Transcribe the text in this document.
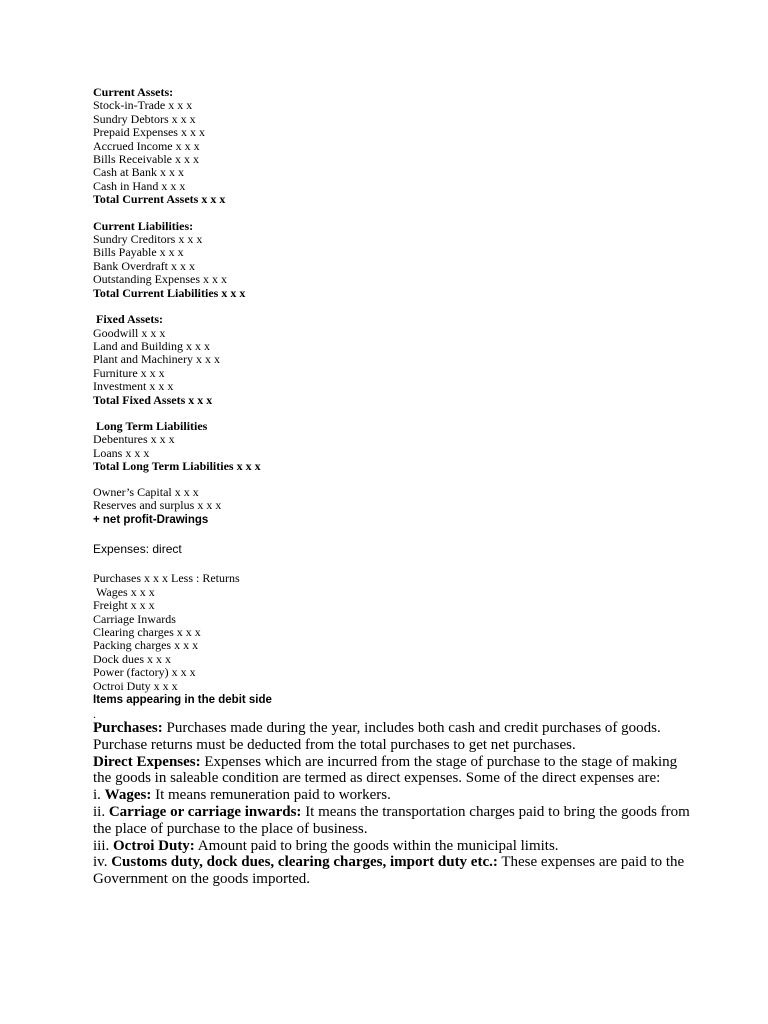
Current Assets:
Stock-in-Trade x x x
Sundry Debtors x x x
Prepaid Expenses x x x
Accrued Income x x x
Bills Receivable x x x
Cash at Bank x x x
Cash in Hand x x x
Total Current Assets x x x
Current Liabilities:
Sundry Creditors x x x
Bills Payable x x x
Bank Overdraft x x x
Outstanding Expenses x x x
Total Current Liabilities x x x
Fixed Assets:
Goodwill x x x
Land and Building x x x
Plant and Machinery x x x
Furniture x x x
Investment x x x
Total Fixed Assets x x x
Long Term Liabilities
Debentures x x x
Loans x x x
Total Long Term Liabilities x x x
Owner’s Capital x x x
Reserves and surplus x x x
+ net profit-Drawings
Expenses: direct
Purchases x x x Less : Returns
Wages x x x
Freight x x x
Carriage Inwards
Clearing charges x x x
Packing charges x x x
Dock dues x x x
Power (factory) x x x
Octroi Duty x x x
Items appearing in the debit side
.

Purchases: Purchases made during the year, includes both cash and credit purchases of goods. Purchase returns must be deducted from the total purchases to get net purchases.

Direct Expenses: Expenses which are incurred from the stage of purchase to the stage of making the goods in saleable condition are termed as direct expenses. Some of the direct expenses are:

i. Wages: It means remuneration paid to workers.

ii. Carriage or carriage inwards: It means the transportation charges paid to bring the goods from the place of purchase to the place of business.

iii. Octroi Duty: Amount paid to bring the goods within the municipal limits.

iv. Customs duty, dock dues, clearing charges, import duty etc.: These expenses are paid to the Government on the goods imported.
